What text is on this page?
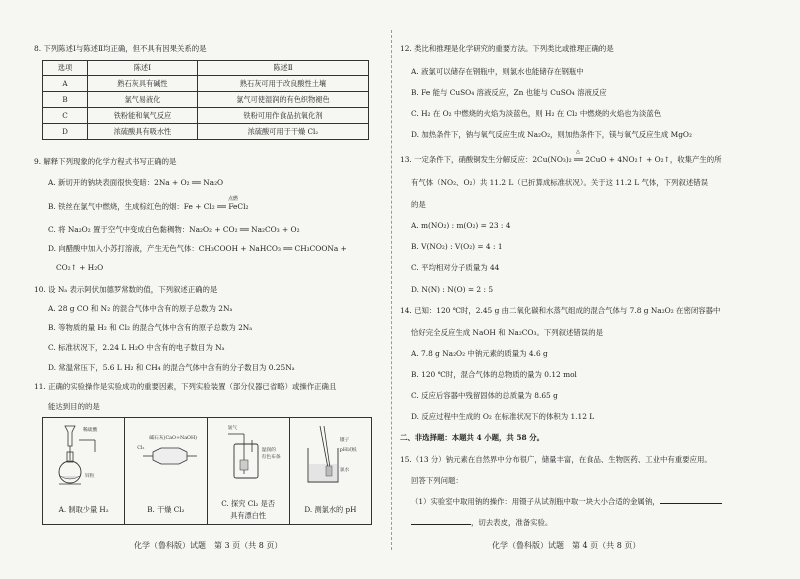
8. 下列陈述Ⅰ与陈述Ⅱ均正确，但不具有因果关系的是
选项	陈述Ⅰ	陈述Ⅱ
A	熟石灰具有碱性	熟石灰可用于改良酸性土壤
B	氯气易液化	氯气可使湿润的有色织物褪色
C	铁粉能和氧气反应	铁粉可用作食品抗氧化剂
D	浓硫酸具有吸水性	浓硫酸可用于干燥 Cl₂
9. 解释下列现象的化学方程式书写正确的是
A. 新切开的钠块表面很快变暗：2Na + O₂ ══ Na₂O
点燃
B. 铁丝在氯气中燃烧，生成棕红色的烟：Fe + Cl₂ ══ FeCl₂
C. 将 Na₂O₂ 置于空气中变成白色黏稠物：Na₂O₂ + CO₂ ══ Na₂CO₃ + O₂
D. 向醋酸中加入小苏打溶液，产生无色气体：CH₃COOH + NaHCO₃ ══ CH₃COONa +
CO₂↑ + H₂O
10. 设 Nₐ 表示阿伏加德罗常数的值，下列叙述正确的是
A. 28 g CO 和 N₂ 的混合气体中含有的原子总数为 2Nₐ
B. 等物质的量 H₂ 和 Cl₂ 的混合气体中含有的原子总数为 2Nₐ
C. 标准状况下，2.24 L H₂O 中含有的电子数目为 Nₐ
D. 常温常压下，5.6 L H₂ 和 CH₄ 的混合气体中含有的分子数目为 0.25Nₐ
11. 正确的实验操作是实验成功的重要因素，下列实验装置（部分仪器已省略）或操作正确且
能达到目的的是
稀硫酸
锌粒
A. 制取少量 H₂
碱石灰(CaO+NaOH)
Cl₂
B. 干燥 Cl₂
氯气
湿润的
有色布条
C. 探究 Cl₂ 是否
具有漂白性
镊子
pH试纸
氯水
D. 测氯水的 pH
化学（鲁科版）试题　第 3 页（共 8 页）
12. 类比和推理是化学研究的重要方法。下列类比或推理正确的是
A. 液氯可以储存在钢瓶中，则氯水也能储存在钢瓶中
B. Fe 能与 CuSO₄ 溶液反应，Zn 也能与 CuSO₄ 溶液反应
C. H₂ 在 O₂ 中燃烧的火焰为淡蓝色，则 H₂ 在 Cl₂ 中燃烧的火焰也为淡蓝色
D. 加热条件下，钠与氧气反应生成 Na₂O₂，则加热条件下，镁与氧气反应生成 MgO₂
△
13. 一定条件下，硝酸铜发生分解反应：2Cu(NO₃)₂ ══ 2CuO + 4NO₂↑ + O₂↑，收集产生的所
有气体（NO₂、O₂）共 11.2 L（已折算成标准状况）。关于这 11.2 L 气体，下列叙述错误
的是
A. m(NO₂) : m(O₂) = 23 : 4
B. V(NO₂) : V(O₂) = 4 : 1
C. 平均相对分子质量为 44
D. N(N) : N(O) = 2 : 5
14. 已知：120 ℃时，2.45 g 由二氧化碳和水蒸气组成的混合气体与 7.8 g Na₂O₂ 在密闭容器中
恰好完全反应生成 NaOH 和 Na₂CO₃。下列叙述错误的是
A. 7.8 g Na₂O₂ 中钠元素的质量为 4.6 g
B. 120 ℃时，混合气体的总物质的量为 0.12 mol
C. 反应后容器中残留固体的总质量为 8.65 g
D. 反应过程中生成的 O₂ 在标准状况下的体积为 1.12 L
二、非选择题：本题共 4 小题，共 58 分。
15.（13 分）钠元素在自然界中分布很广，储量丰富，在食品、生物医药、工业中有重要应用。
回答下列问题：
（1）实验室中取用钠的操作：用镊子从试剂瓶中取一块大小合适的金属钠，
，切去表皮，准备实验。
化学（鲁科版）试题　第 4 页（共 8 页）
